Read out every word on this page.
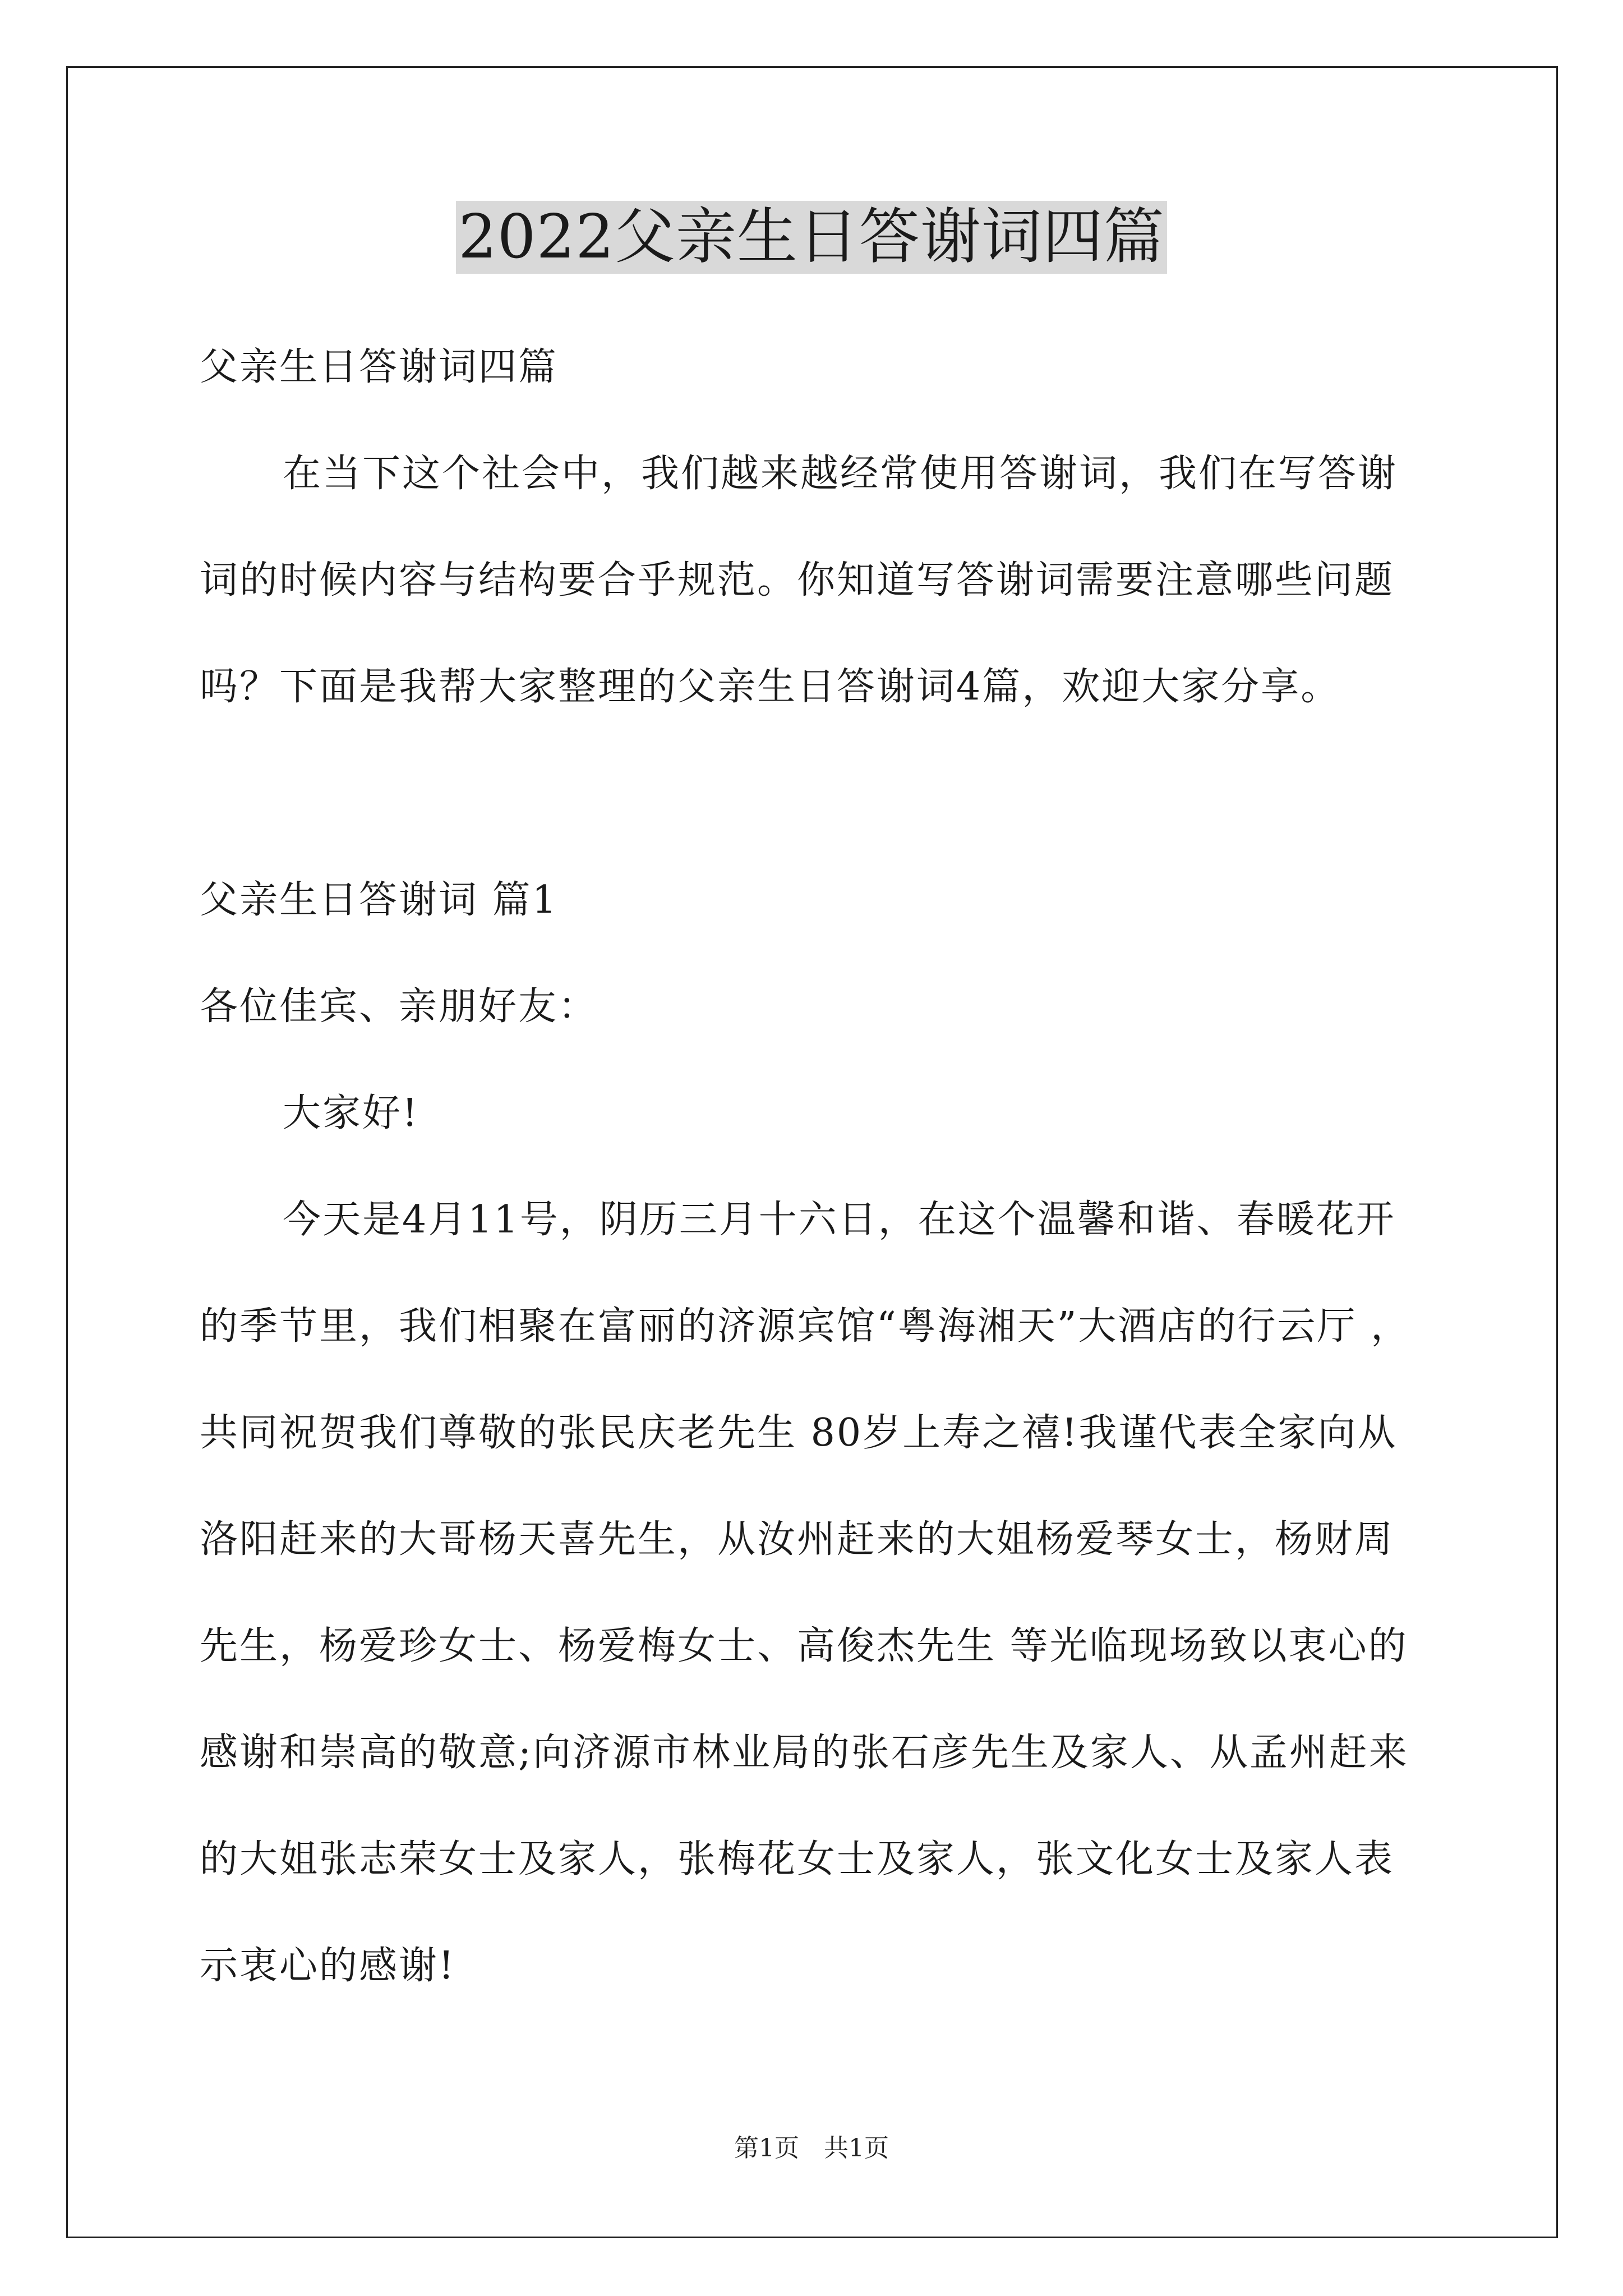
2022父亲生日答谢词四篇
父亲生日答谢词四篇
在当下这个社会中，我们越来越经常使用答谢词，我们在写答谢
词的时候内容与结构要合乎规范。你知道写答谢词需要注意哪些问题
吗？下面是我帮大家整理的父亲生日答谢词4篇，欢迎大家分享。
父亲生日答谢词 篇1
各位佳宾、亲朋好友：
大家好!
今天是4月11号，阴历三月十六日，在这个温馨和谐、春暖花开
的季节里，我们相聚在富丽的济源宾馆“粤海湘天”大酒店的行云厅 ，
共同祝贺我们尊敬的张民庆老先生 80岁上寿之禧!我谨代表全家向从
洛阳赶来的大哥杨天喜先生，从汝州赶来的大姐杨爱琴女士，杨财周
先生，杨爱珍女士、杨爱梅女士、高俊杰先生 等光临现场致以衷心的
感谢和崇高的敬意;向济源市林业局的张石彦先生及家人、从孟州赶来
的大姐张志荣女士及家人，张梅花女士及家人，张文化女士及家人表
示衷心的感谢!
第1页　共1页
